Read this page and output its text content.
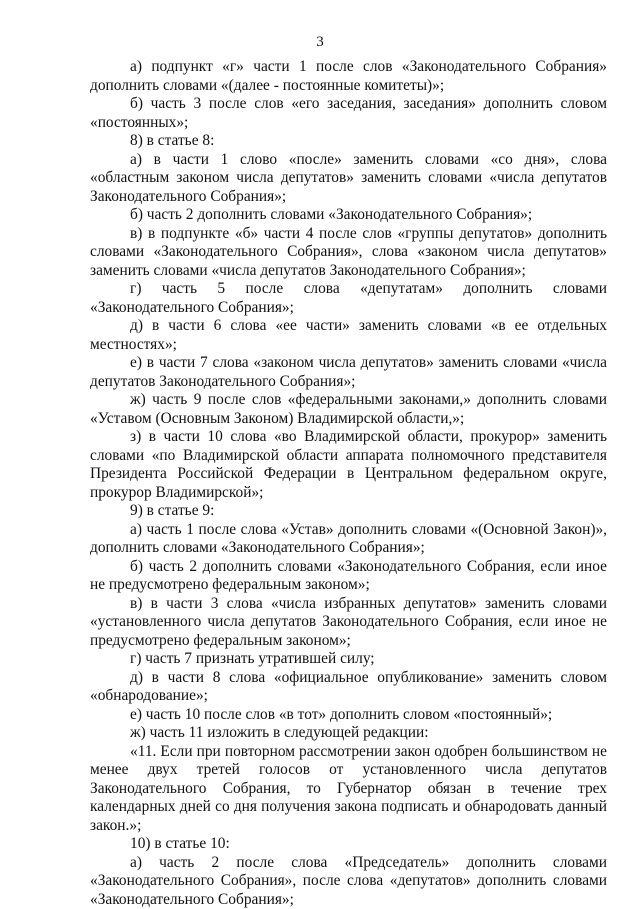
3

а) подпункт «г» части 1 после слов «Законодательного Собрания» дополнить словами «(далее - постоянные комитеты)»;

б) часть 3 после слов «его заседания, заседания» дополнить словом «постоянных»;

8) в статье 8:

а) в части 1 слово «после» заменить словами «со дня», слова «областным законом числа депутатов» заменить словами «числа депутатов Законодательного Собрания»;

б) часть 2 дополнить словами «Законодательного Собрания»;

в) в подпункте «б» части 4 после слов «группы депутатов» дополнить словами «Законодательного Собрания», слова «законом числа депутатов» заменить словами «числа депутатов Законодательного Собрания»;

г) часть 5 после слова «депутатам» дополнить словами «Законодательного Собрания»;

д) в части 6 слова «ее части» заменить словами «в ее отдельных местностях»;

е) в части 7 слова «законом числа депутатов» заменить словами «числа депутатов Законодательного Собрания»;

ж) часть 9 после слов «федеральными законами,» дополнить словами «Уставом (Основным Законом) Владимирской области,»;

з) в части 10 слова «во Владимирской области, прокурор» заменить словами «по Владимирской области аппарата полномочного представителя Президента Российской Федерации в Центральном федеральном округе, прокурор Владимирской»;

9) в статье 9:

а) часть 1 после слова «Устав» дополнить словами «(Основной Закон)», дополнить словами «Законодательного Собрания»;

б) часть 2 дополнить словами «Законодательного Собрания, если иное не предусмотрено федеральным законом»;

в) в части 3 слова «числа избранных депутатов» заменить словами «установленного числа депутатов Законодательного Собрания, если иное не предусмотрено федеральным законом»;

г) часть 7 признать утратившей силу;

д) в части 8 слова «официальное опубликование» заменить словом «обнародование»;

е) часть 10 после слов «в тот» дополнить словом «постоянный»;

ж) часть 11 изложить в следующей редакции:

«11. Если при повторном рассмотрении закон одобрен большинством не менее двух третей голосов от установленного числа депутатов Законодательного Собрания, то Губернатор обязан в течение трех календарных дней со дня получения закона подписать и обнародовать данный закон.»;

10) в статье 10:

а) часть 2 после слова «Председатель» дополнить словами «Законодательного Собрания», после слова «депутатов» дополнить словами «Законодательного Собрания»;
